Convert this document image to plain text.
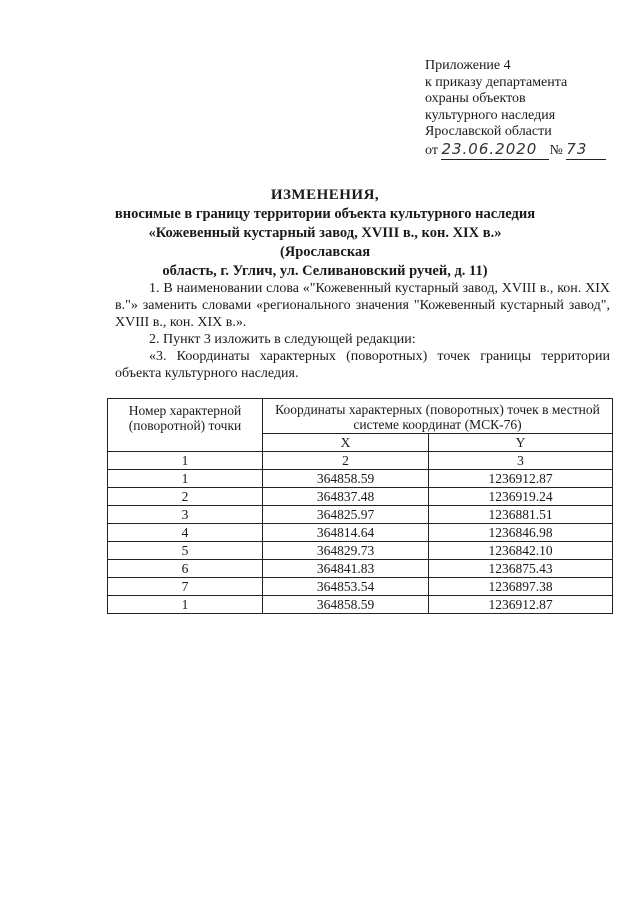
Приложение 4
к приказу департамента
охраны объектов
культурного наследия
Ярославской области
от 23.06.2020 № 73
ИЗМЕНЕНИЯ,
вносимые в границу территории объекта культурного наследия
«Кожевенный кустарный завод, XVIII в., кон. XIX в.» (Ярославская
область, г. Углич, ул. Селивановский ручей, д. 11)

1. В наименовании слова «"Кожевенный кустарный завод, XVIII в., кон. XIX в."» заменить словами «регионального значения "Кожевенный кустарный завод", XVIII в., кон. XIX в.».

2. Пункт 3 изложить в следующей редакции:

«3. Координаты характерных (поворотных) точек границы территории объекта культурного наследия.

Номер характерной (поворотной) точки	Координаты характерных (поворотных) точек в местной системе координат (МСК-76)	
	X	Y
1	2	3
1	364858.59	1236912.87
2	364837.48	1236919.24
3	364825.97	1236881.51
4	364814.64	1236846.98
5	364829.73	1236842.10
6	364841.83	1236875.43
7	364853.54	1236897.38
1	364858.59	1236912.87
